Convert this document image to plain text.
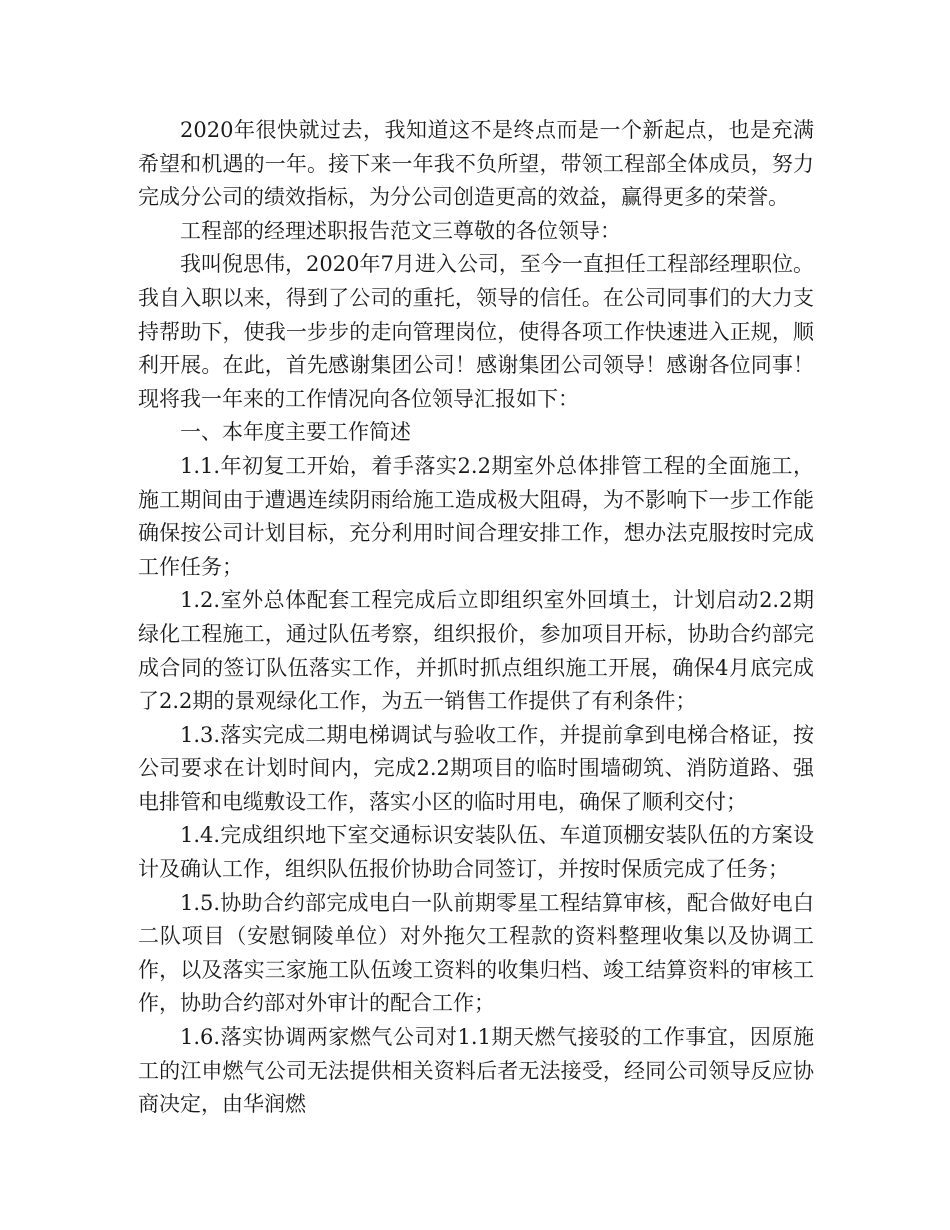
2020年很快就过去，我知道这不是终点而是一个新起点，也是充满希望和机遇的一年。接下来一年我不负所望，带领工程部全体成员，努力完成分公司的绩效指标，为分公司创造更高的效益，赢得更多的荣誉。

工程部的经理述职报告范文三尊敬的各位领导：

我叫倪思伟，2020年7月进入公司，至今一直担任工程部经理职位。我自入职以来，得到了公司的重托，领导的信任。在公司同事们的大力支持帮助下，使我一步步的走向管理岗位，使得各项工作快速进入正规，顺利开展。在此，首先感谢集团公司！感谢集团公司领导！感谢各位同事！现将我一年来的工作情况向各位领导汇报如下：

一、本年度主要工作简述

1.1.年初复工开始，着手落实2.2期室外总体排管工程的全面施工，施工期间由于遭遇连续阴雨给施工造成极大阻碍，为不影响下一步工作能确保按公司计划目标，充分利用时间合理安排工作，想办法克服按时完成工作任务；

1.2.室外总体配套工程完成后立即组织室外回填土，计划启动2.2期绿化工程施工，通过队伍考察，组织报价，参加项目开标，协助合约部完成合同的签订队伍落实工作，并抓时抓点组织施工开展，确保4月底完成了2.2期的景观绿化工作，为五一销售工作提供了有利条件；

1.3.落实完成二期电梯调试与验收工作，并提前拿到电梯合格证，按公司要求在计划时间内，完成2.2期项目的临时围墙砌筑、消防道路、强电排管和电缆敷设工作，落实小区的临时用电，确保了顺利交付；

1.4.完成组织地下室交通标识安装队伍、车道顶棚安装队伍的方案设计及确认工作，组织队伍报价协助合同签订，并按时保质完成了任务；

1.5.协助合约部完成电白一队前期零星工程结算审核，配合做好电白二队项目（安慰铜陵单位）对外拖欠工程款的资料整理收集以及协调工作，以及落实三家施工队伍竣工资料的收集归档、竣工结算资料的审核工作，协助合约部对外审计的配合工作；

1.6.落实协调两家燃气公司对1.1期天燃气接驳的工作事宜，因原施工的江申燃气公司无法提供相关资料后者无法接受，经同公司领导反应协商决定，由华润燃
